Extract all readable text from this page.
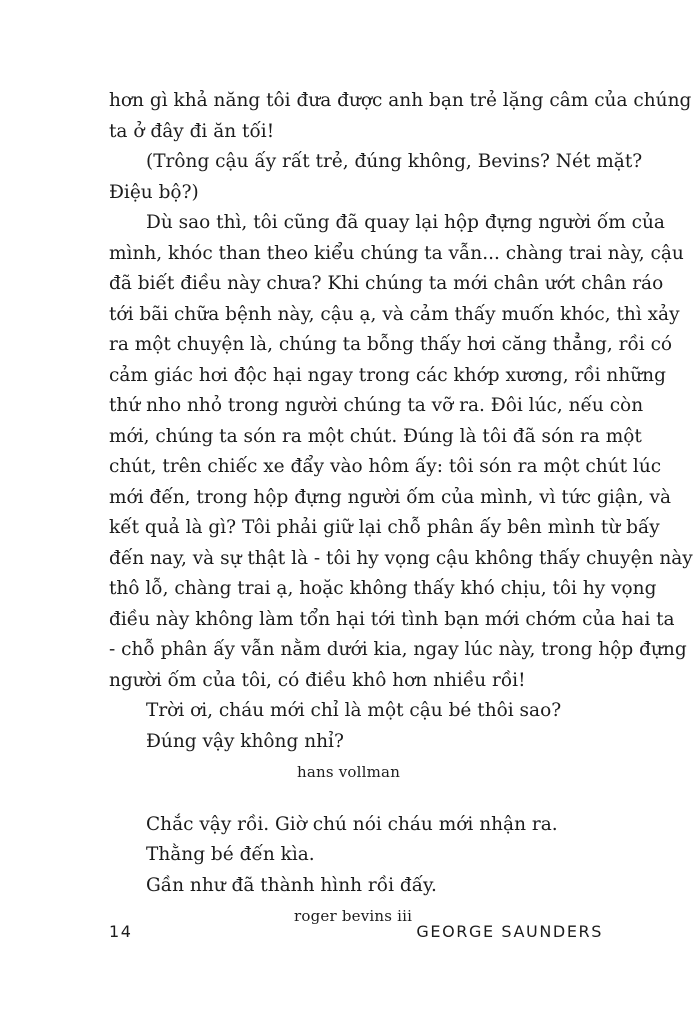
hơn gì khả năng tôi đưa được anh bạn trẻ lặng câm của chúng
ta ở đây đi ăn tối!
(Trông cậu ấy rất trẻ, đúng không, Bevins? Nét mặt?
Điệu bộ?)
Dù sao thì, tôi cũng đã quay lại hộp đựng người ốm của
mình, khóc than theo kiểu chúng ta vẫn... chàng trai này, cậu
đã biết điều này chưa? Khi chúng ta mới chân ướt chân ráo
tới bãi chữa bệnh này, cậu ạ, và cảm thấy muốn khóc, thì xảy
ra một chuyện là, chúng ta bỗng thấy hơi căng thẳng, rồi có
cảm giác hơi độc hại ngay trong các khớp xương, rồi những
thứ nho nhỏ trong người chúng ta vỡ ra. Đôi lúc, nếu còn
mới, chúng ta són ra một chút. Đúng là tôi đã són ra một
chút, trên chiếc xe đẩy vào hôm ấy: tôi són ra một chút lúc
mới đến, trong hộp đựng người ốm của mình, vì tức giận, và
kết quả là gì? Tôi phải giữ lại chỗ phân ấy bên mình từ bấy
đến nay, và sự thật là - tôi hy vọng cậu không thấy chuyện này
thô lỗ, chàng trai ạ, hoặc không thấy khó chịu, tôi hy vọng
điều này không làm tổn hại tới tình bạn mới chớm của hai ta
- chỗ phân ấy vẫn nằm dưới kia, ngay lúc này, trong hộp đựng
người ốm của tôi, có điều khô hơn nhiều rồi!
Trời ơi, cháu mới chỉ là một cậu bé thôi sao?
Đúng vậy không nhỉ?
hans vollman
Chắc vậy rồi. Giờ chú nói cháu mới nhận ra.
Thằng bé đến kìa.
Gần như đã thành hình rồi đấy.
roger bevins iii
14	GEORGE SAUNDERS
